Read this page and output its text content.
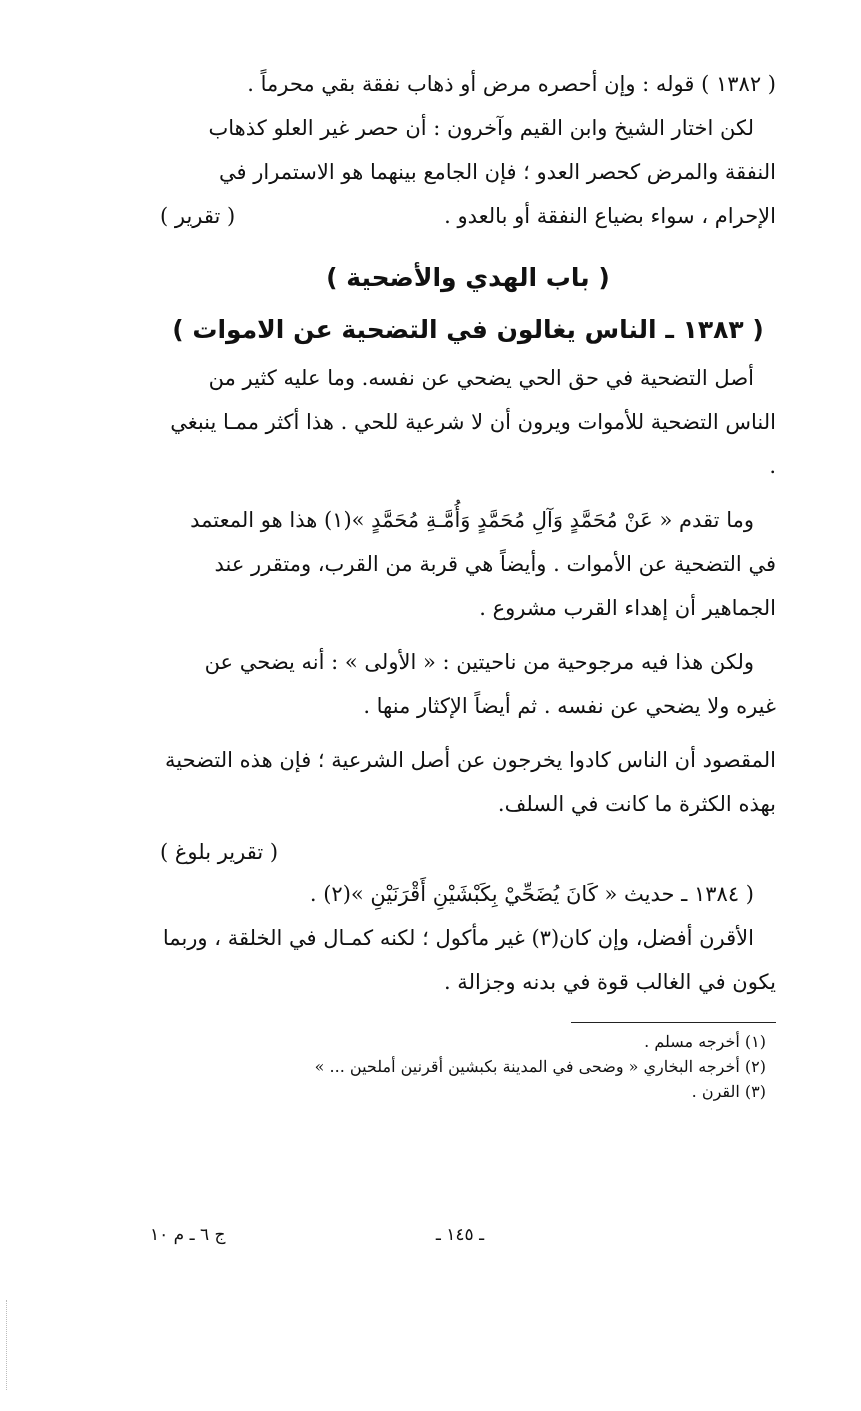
( ١٣٨٢ ) قوله : وإن أحصره مرض أو ذهاب نفقة بقي محرماً .

لكن اختار الشيخ وابن القيم وآخرون : أن حصر غير العلو كذهاب النفقة والمرض كحصر العدو ؛ فإن الجامع بينهما هو الاستمرار في الإحرام ، سواء بضياع النفقة أو بالعدو .
( تقرير )

( باب الهدي والأضحية )
( ١٣٨٣ ـ الناس يغالون في التضحية عن الاموات )

أصل التضحية في حق الحي يضحي عن نفسه. وما عليه كثير من الناس التضحية للأموات ويرون أن لا شرعية للحي . هذا أكثر ممـا ينبغي .

وما تقدم « عَنْ مُحَمَّدٍ وَآلِ مُحَمَّدٍ وَأُمَّـةِ مُحَمَّدٍ »(١) هذا هو المعتمد في التضحية عن الأموات . وأيضاً هي قربة من القرب، ومتقرر عند الجماهير أن إهداء القرب مشروع .

ولكن هذا فيه مرجوحية من ناحيتين : « الأولى » : أنه يضحي عن غيره ولا يضحي عن نفسه . ثم أيضاً الإكثار منها .

المقصود أن الناس كادوا يخرجون عن أصل الشرعية ؛ فإن هذه التضحية بهذه الكثرة ما كانت في السلف.

( تقرير بلوغ )

( ١٣٨٤ ـ حديث « كَانَ يُضَحِّيْ بِكَبْشَيْنِ أَقْرَنَيْنِ »(٢) .

الأقرن أفضل، وإن كان(٣) غير مأكول ؛ لكنه كمـال في الخلقة ، وربما يكون في الغالب قوة في بدنه وجزالة .

(١) أخرجه مسلم .

(٢) أخرجه البخاري « وضحى في المدينة بكبشين أقرنين أملحين ... »

(٣) القرن .

ـ ١٤٥ ـ
ج ٦ ـ م ١٠
